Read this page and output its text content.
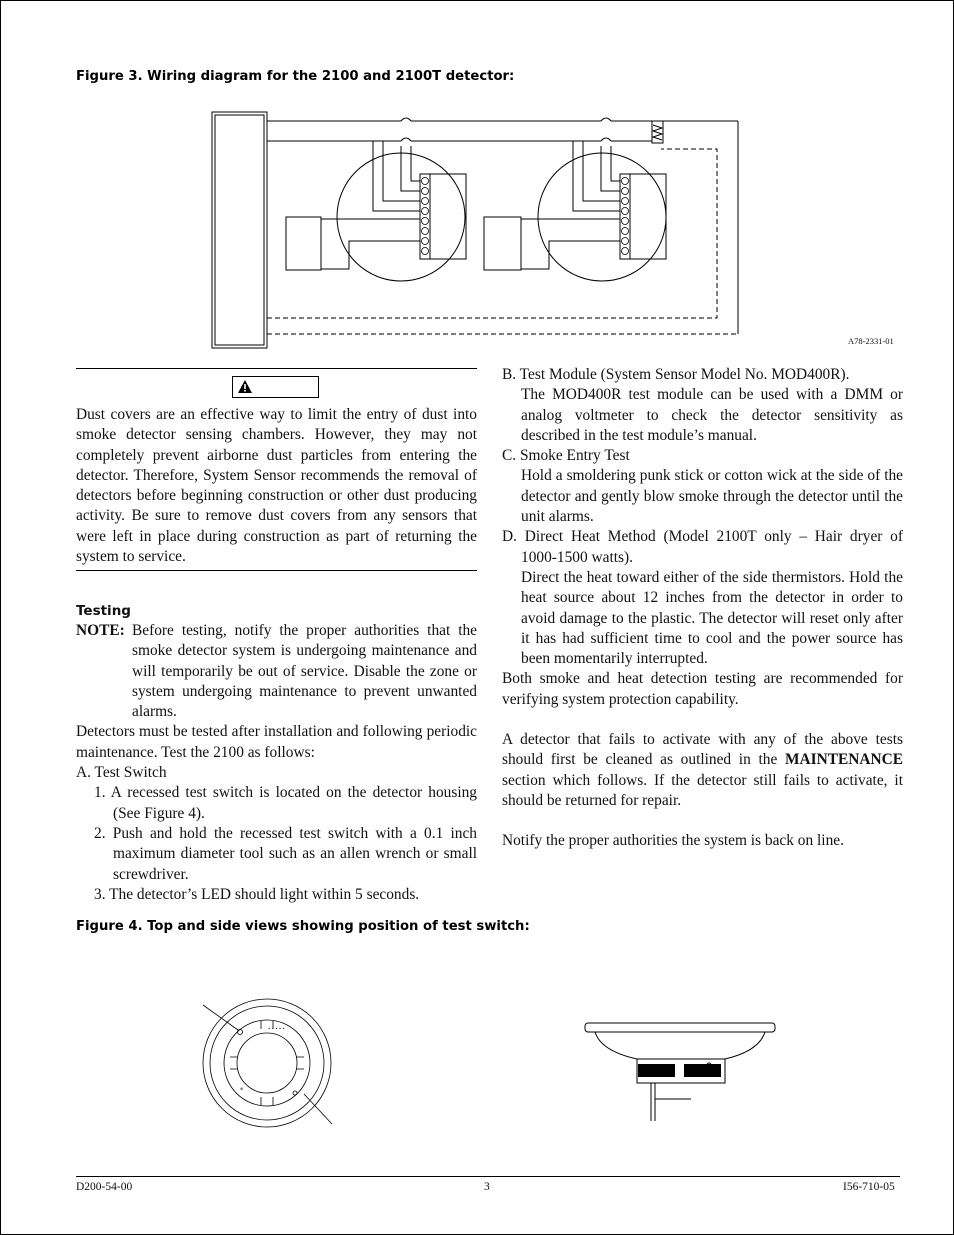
Figure 3. Wiring diagram for the 2100 and 2100T detector:
A78-2331-01

Dust covers are an effective way to limit the entry of dust into smoke detector sensing chambers. However, they may not completely prevent airborne dust particles from entering the detector. Therefore, System Sensor recommends the removal of detectors before beginning construction or other dust producing activity. Be sure to remove dust covers from any sensors that were left in place during construction as part of returning the system to service.

Testing

NOTE: Before testing, notify the proper authorities that the smoke detector system is undergoing maintenance and will temporarily be out of service. Disable the zone or system undergoing maintenance to prevent unwanted alarms.

Detectors must be tested after installation and following periodic maintenance. Test the 2100 as follows:

A. Test Switch

1. A recessed test switch is located on the detector housing (See Figure 4).

2. Push and hold the recessed test switch with a 0.1 inch maximum diameter tool such as an allen wrench or small screwdriver.

3. The detector’s LED should light within 5 seconds.

B. Test Module (System Sensor Model No. MOD400R).

The MOD400R test module can be used with a DMM or analog voltmeter to check the detector sensitivity as described in the test module’s manual.

C. Smoke Entry Test

Hold a smoldering punk stick or cotton wick at the side of the detector and gently blow smoke through the detector until the unit alarms.

D. Direct Heat Method (Model 2100T only – Hair dryer of 1000-1500 watts).

Direct the heat toward either of the side thermistors. Hold the heat source about 12 inches from the detector in order to avoid damage to the plastic. The detector will reset only after it has had sufficient time to cool and the power source has been momentarily interrupted.

Both smoke and heat detection testing are recommended for verifying system protection capability.

A detector that fails to activate with any of the above tests should first be cleaned as outlined in the MAINTENANCE section which follows. If the detector still fails to activate, it should be returned for repair.

Notify the proper authorities the system is back on line.

Figure 4. Top and side views showing position of test switch:
• • • • •
⊕
D200-54-00	3	I56-710-05
